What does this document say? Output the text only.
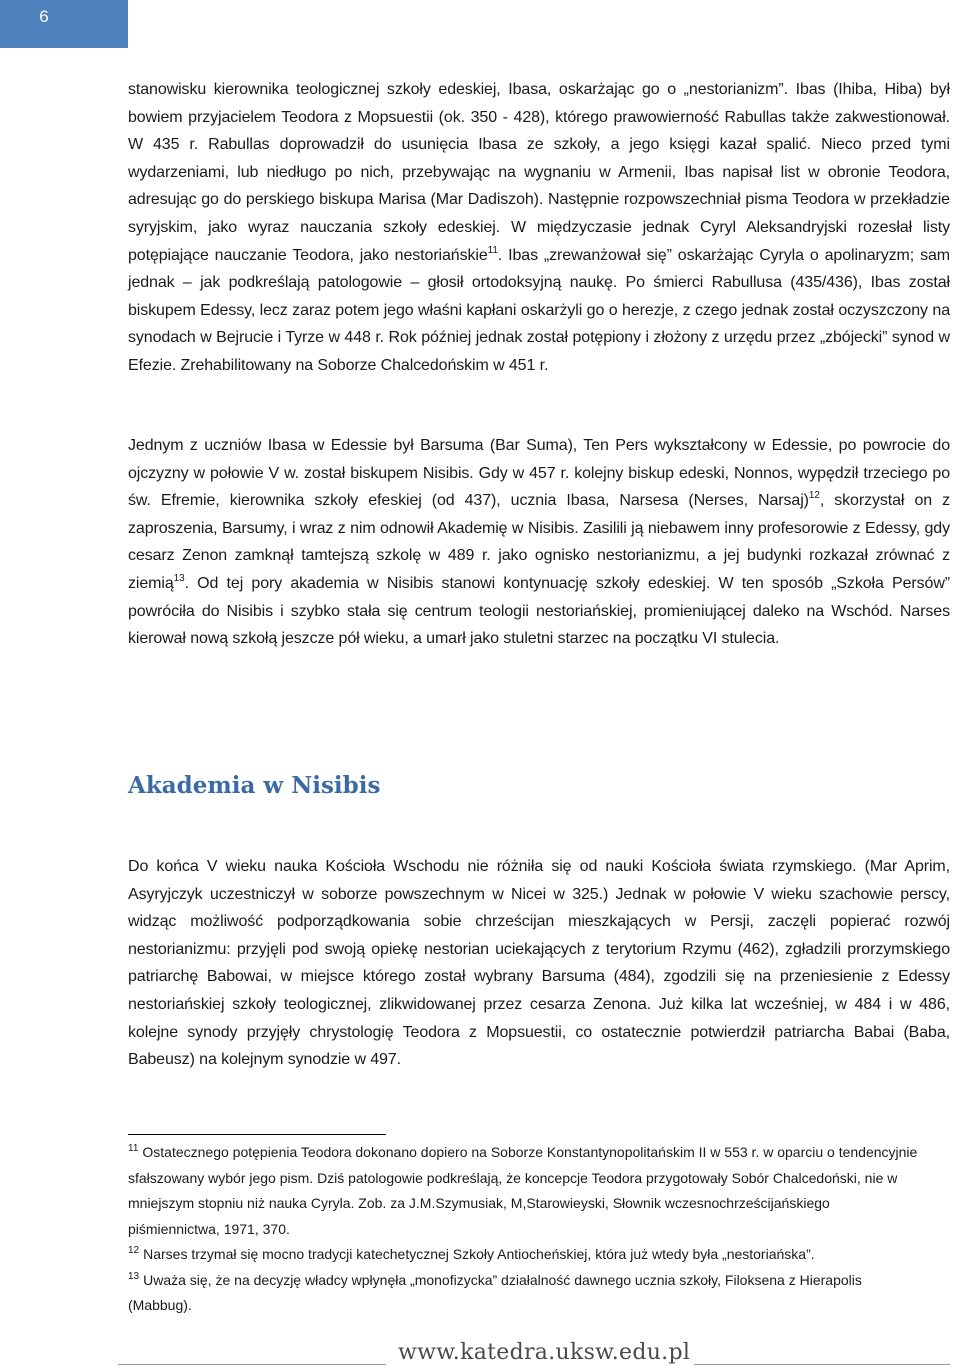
6

stanowisku kierownika teologicznej szkoły edeskiej, Ibasa, oskarżając go o „nestorianizm”. Ibas (Ihiba, Hiba) był bowiem przyjacielem Teodora z Mopsuestii (ok. 350 - 428), którego prawowierność Rabullas także zakwestionował. W 435 r. Rabullas doprowadził do usunięcia Ibasa ze szkoły, a jego księgi kazał spalić. Nieco przed tymi wydarzeniami, lub niedługo po nich, przebywając na wygnaniu w Armenii, Ibas napisał list w obronie Teodora, adresując go do perskiego biskupa Marisa (Mar Dadiszoh). Następnie rozpowszechniał pisma Teodora w przekładzie syryjskim, jako wyraz nauczania szkoły edeskiej. W międzyczasie jednak Cyryl Aleksandryjski rozesłał listy potępiające nauczanie Teodora, jako nestoriańskie$^{11}$. Ibas „zrewanżował się” oskarżając Cyryla o apolinaryzm; sam jednak – jak podkreślają patologowie – głosił ortodoksyjną naukę. Po śmierci Rabullusa (435/436), Ibas został biskupem Edessy, lecz zaraz potem jego właśni kapłani oskarżyli go o herezje, z czego jednak został oczyszczony na synodach w Bejrucie i Tyrze w 448 r. Rok później jednak został potępiony i złożony z urzędu przez „zbójecki” synod w Efezie. Zrehabilitowany na Soborze Chalcedońskim w 451 r.

Jednym z uczniów Ibasa w Edessie był Barsuma (Bar Suma), Ten Pers wykształcony w Edessie, po powrocie do ojczyzny w połowie V w. został biskupem Nisibis. Gdy w 457 r. kolejny biskup edeski, Nonnos, wypędził trzeciego po św. Efremie, kierownika szkoły efeskiej (od 437), ucznia Ibasa, Narsesa (Nerses, Narsaj)$^{12}$, skorzystał on z zaproszenia, Barsumy, i wraz z nim odnowił Akademię w Nisibis. Zasilili ją niebawem inny profesorowie z Edessy, gdy cesarz Zenon zamknął tamtejszą szkolę w 489 r. jako ognisko nestorianizmu, a jej budynki rozkazał zrównać z ziemią$^{13}$. Od tej pory akademia w Nisibis stanowi kontynuację szkoły edeskiej. W ten sposób „Szkoła Persów” powróciła do Nisibis i szybko stała się centrum teologii nestoriańskiej, promieniującej daleko na Wschód. Narses kierował nową szkołą jeszcze pół wieku, a umarł jako stuletni starzec na początku VI stulecia.

Akademia w Nisibis

Do końca V wieku nauka Kościoła Wschodu nie różniła się od nauki Kościoła świata rzymskiego. (Mar Aprim, Asyryjczyk uczestniczył w soborze powszechnym w Nicei w 325.) Jednak w połowie V wieku szachowie perscy, widząc możliwość podporządkowania sobie chrześcijan mieszkających w Persji, zaczęli popierać rozwój nestorianizmu: przyjęli pod swoją opiekę nestorian uciekających z terytorium Rzymu (462), zgładzili prorzymskiego patriarchę Babowai, w miejsce którego został wybrany Barsuma (484), zgodzili się na przeniesienie z Edessy nestoriańskiej szkoły teologicznej, zlikwidowanej przez cesarza Zenona. Już kilka lat wcześniej, w 484 i w 486, kolejne synody przyjęły chrystologię Teodora z Mopsuestii, co ostatecznie potwierdził patriarcha Babai (Baba, Babeusz) na kolejnym synodzie w 497.

$^{11}$ Ostatecznego potępienia Teodora dokonano dopiero na Soborze Konstantynopolitańskim II w 553 r. w oparciu o tendencyjnie sfałszowany wybór jego pism. Dziś patologowie podkreślają, że koncepcje Teodora przygotowały Sobór Chalcedoński, nie w mniejszym stopniu niż nauka Cyryla. Zob. za J.M.Szymusiak, M,Starowieyski, Słownik wczesnochrześcijańskiego piśmiennictwa, 1971, 370.

$^{12}$ Narses trzymał się mocno tradycji katechetycznej Szkoły Antiocheńskiej, która już wtedy była „nestoriańska”.

$^{13}$ Uważa się, że na decyzję władcy wpłynęła „monofizycka” działalność dawnego ucznia szkoły, Filoksena z Hierapolis (Mabbug).

www.katedra.uksw.edu.pl
